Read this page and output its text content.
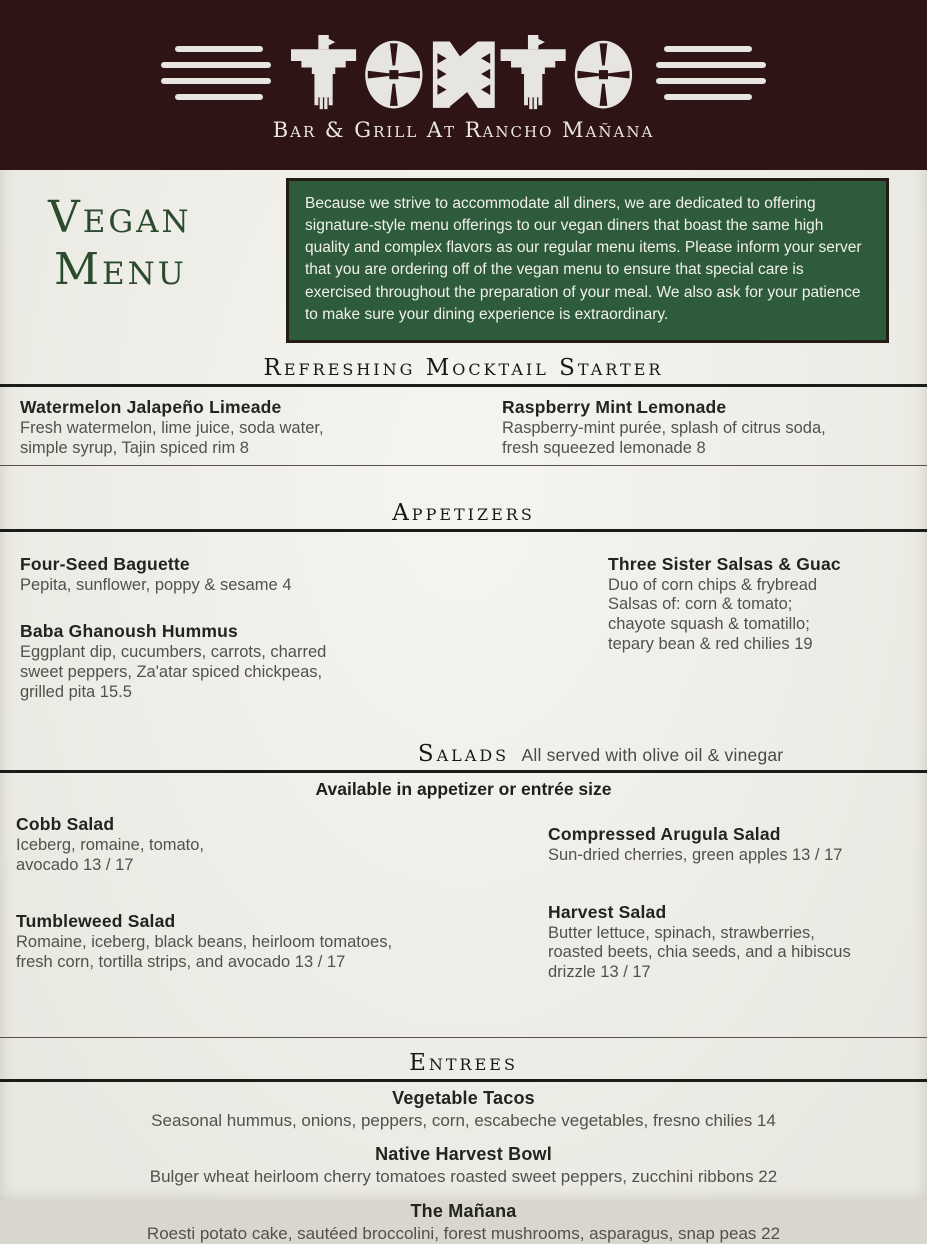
Bar & Grill At Rancho Mañana
Vegan
Menu
Because we strive to accommodate all diners, we are dedicated to offering signature-style menu offerings to our vegan diners that boast the same high quality and complex flavors as our regular menu items. Please inform your server that you are ordering off of the vegan menu to ensure that special care is exercised throughout the preparation of your meal. We also ask for your patience to make sure your dining experience is extraordinary.
Refreshing Mocktail Starter
Watermelon Jalapeño Limeade
Fresh watermelon, lime juice, soda water, simple syrup, Tajin spiced rim 8
Raspberry Mint Lemonade
Raspberry-mint purée, splash of citrus soda, fresh squeezed lemonade 8
Appetizers
Four-Seed Baguette
Pepita, sunflower, poppy & sesame 4
Baba Ghanoush Hummus
Eggplant dip, cucumbers, carrots, charred sweet peppers, Za'atar spiced chickpeas, grilled pita 15.5
Three Sister Salsas & Guac
Duo of corn chips & frybread Salsas of: corn & tomato; chayote squash & tomatillo; tepary bean & red chilies 19
Salads All served with olive oil & vinegar
Available in appetizer or entrée size
Cobb Salad
Iceberg, romaine, tomato, avocado 13 / 17
Tumbleweed Salad
Romaine, iceberg, black beans, heirloom tomatoes, fresh corn, tortilla strips, and avocado 13 / 17
Compressed Arugula Salad
Sun-dried cherries, green apples 13 / 17
Harvest Salad
Butter lettuce, spinach, strawberries, roasted beets, chia seeds, and a hibiscus drizzle 13 / 17
Entrees
Vegetable Tacos
Seasonal hummus, onions, peppers, corn, escabeche vegetables, fresno chilies 14
Native Harvest Bowl
Bulger wheat heirloom cherry tomatoes roasted sweet peppers, zucchini ribbons 22
The Mañana
Roesti potato cake, sautéed broccolini, forest mushrooms, asparagus, snap peas 22
